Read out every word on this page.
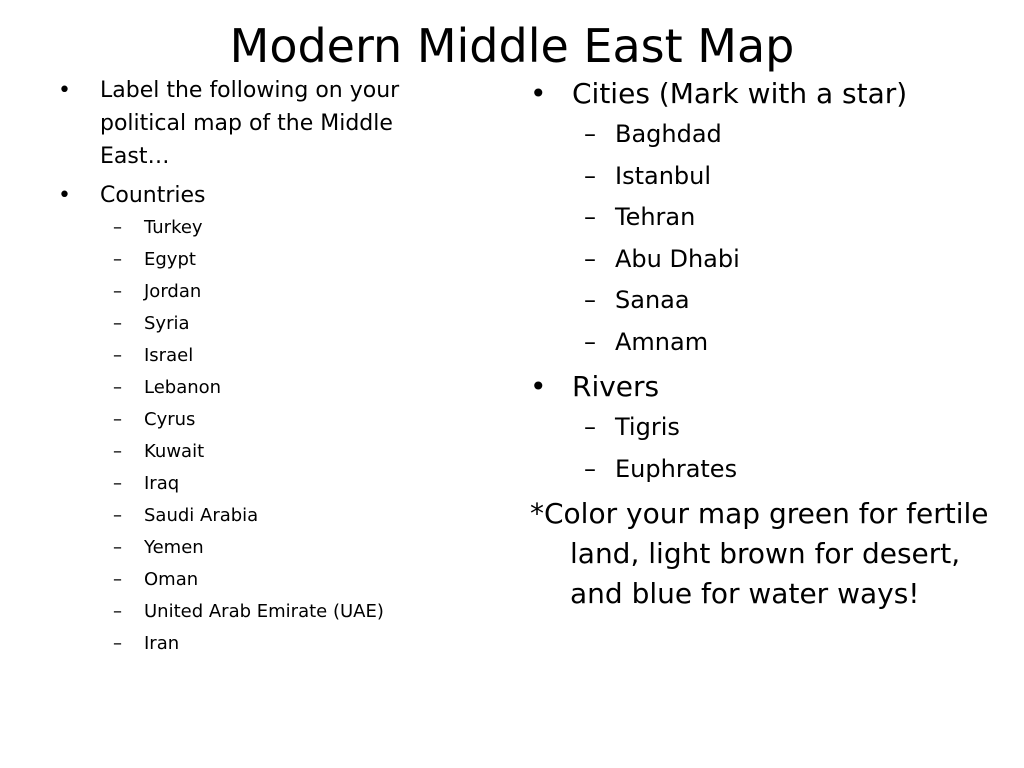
Modern Middle East Map
• Label the following on your political map of the Middle East…
• Countries
– Turkey
– Egypt
– Jordan
– Syria
– Israel
– Lebanon
– Cyrus
– Kuwait
– Iraq
– Saudi Arabia
– Yemen
– Oman
– United Arab Emirate (UAE)
– Iran
• Cities (Mark with a star)
– Baghdad
– Istanbul
– Tehran
– Abu Dhabi
– Sanaa
– Amnam
• Rivers
– Tigris
– Euphrates
*Color your map green for fertile land, light brown for desert, and blue for water ways!
